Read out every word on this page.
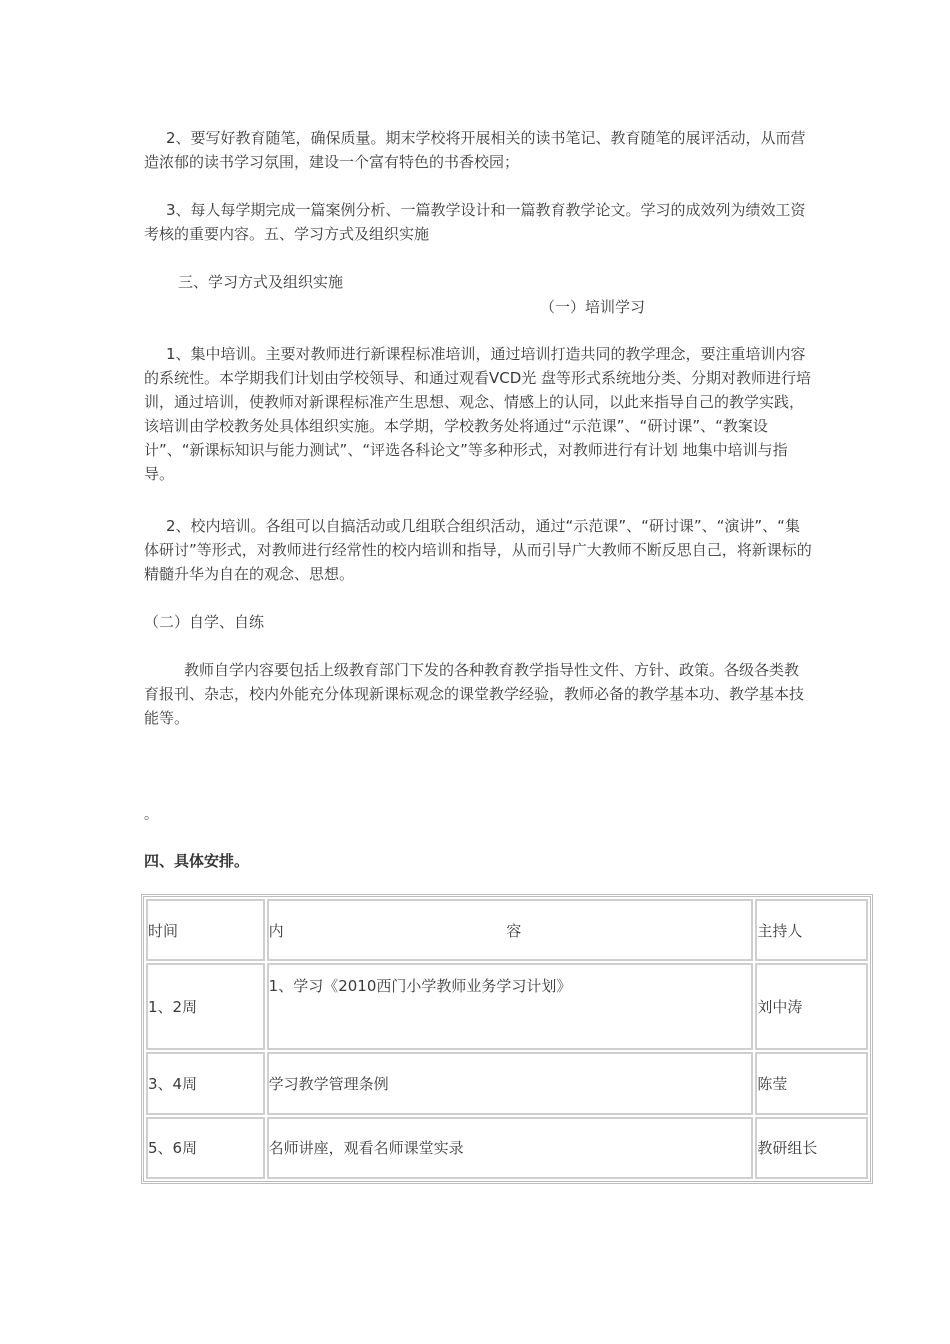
2、要写好教育随笔，确保质量。期末学校将开展相关的读书笔记、教育随笔的展评活动，从而营造浓郁的读书学习氛围，建设一个富有特色的书香校园；

3、每人每学期完成一篇案例分析、一篇教学设计和一篇教育教学论文。学习的成效列为绩效工资考核的重要内容。五、学习方式及组织实施

三、学习方式及组织实施

（一）培训学习

1、集中培训。主要对教师进行新课程标准培训，通过培训打造共同的教学理念，要注重培训内容的系统性。本学期我们计划由学校领导、和通过观看VCD光 盘等形式系统地分类、分期对教师进行培训，通过培训，使教师对新课程标准产生思想、观念、情感上的认同，以此来指导自己的教学实践，该培训由学校教务处具体组织实施。本学期，学校教务处将通过“示范课”、“研讨课”、“教案设计”、“新课标知识与能力测试”、“评选各科论文”等多种形式，对教师进行有计划 地集中培训与指导。

2、校内培训。各组可以自搞活动或几组联合组织活动，通过“示范课”、“研讨课”、“演讲”、“集体研讨”等形式，对教师进行经常性的校内培训和指导，从而引导广大教师不断反思自己，将新课标的精髓升华为自在的观念、思想。

（二）自学、自练

教师自学内容要包括上级教育部门下发的各种教育教学指导性文件、方针、政策。各级各类教育报刊、杂志，校内外能充分体现新课标观念的课堂教学经验，教师必备的教学基本功、教学基本技能等。

。
四、具体安排。
时间	内 容	主持人
1、2周	1、学习《2010西门小学教师业务学习计划》	刘中涛
3、4周	学习教学管理条例	陈莹
5、6周	名师讲座，观看名师课堂实录	教研组长
